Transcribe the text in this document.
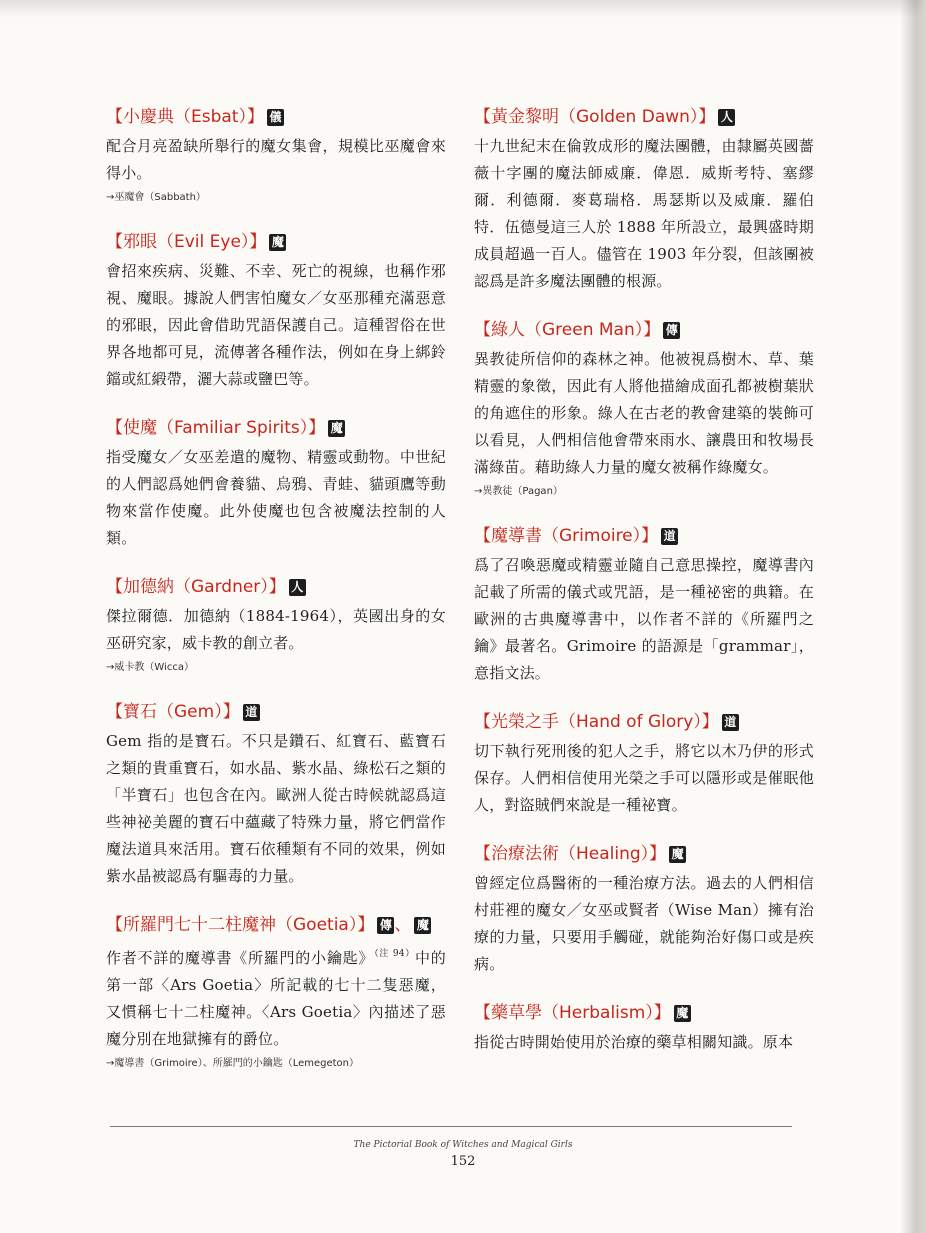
【小慶典（Esbat）】 儀
配合月亮盈缺所舉行的魔女集會，規模比巫魔會來得小。
→巫魔會（Sabbath）
【邪眼（Evil Eye）】 魔
會招來疾病、災難、不幸、死亡的視線，也稱作邪視、魔眼。據說人們害怕魔女／女巫那種充滿惡意的邪眼，因此會借助咒語保護自己。這種習俗在世界各地都可見，流傳著各種作法，例如在身上綁鈴鐺或紅緞帶，灑大蒜或鹽巴等。
【使魔（Familiar Spirits）】 魔
指受魔女／女巫差遣的魔物、精靈或動物。中世紀的人們認爲她們會養貓、烏鴉、青蛙、貓頭鷹等動物來當作使魔。此外使魔也包含被魔法控制的人類。
【加德納（Gardner）】 人
傑拉爾德．加德納（1884-1964），英國出身的女巫研究家，威卡教的創立者。
→威卡教（Wicca）
【寶石（Gem）】 道
Gem 指的是寶石。不只是鑽石、紅寶石、藍寶石之類的貴重寶石，如水晶、紫水晶、綠松石之類的「半寶石」也包含在內。歐洲人從古時候就認爲這些神祕美麗的寶石中蘊藏了特殊力量，將它們當作魔法道具來活用。寶石依種類有不同的效果，例如紫水晶被認爲有驅毒的力量。
【所羅門七十二柱魔神（Goetia）】 傳 、 魔
作者不詳的魔導書《所羅門的小鑰匙》$^{(注 94)}$中的第一部〈Ars Goetia〉所記載的七十二隻惡魔，又慣稱七十二柱魔神。〈Ars Goetia〉內描述了惡魔分別在地獄擁有的爵位。
→魔導書（Grimoire）、所羅門的小鑰匙（Lemegeton）
【黃金黎明（Golden Dawn）】 人
十九世紀末在倫敦成形的魔法團體，由隸屬英國薔薇十字團的魔法師威廉．偉恩．威斯考特、塞繆爾．利德爾．麥葛瑞格．馬瑟斯以及威廉．羅伯特．伍德曼這三人於 1888 年所設立，最興盛時期成員超過一百人。儘管在 1903 年分裂，但該團被認爲是許多魔法團體的根源。
【綠人（Green Man）】 傳
異教徒所信仰的森林之神。他被視爲樹木、草、葉精靈的象徵，因此有人將他描繪成面孔都被樹葉狀的角遮住的形象。綠人在古老的教會建築的裝飾可以看見，人們相信他會帶來雨水、讓農田和牧場長滿綠苗。藉助綠人力量的魔女被稱作綠魔女。
→異教徒（Pagan）
【魔導書（Grimoire）】 道
爲了召喚惡魔或精靈並隨自己意思操控，魔導書內記載了所需的儀式或咒語，是一種祕密的典籍。在歐洲的古典魔導書中，以作者不詳的《所羅門之鑰》最著名。Grimoire 的語源是「grammar」，意指文法。
【光榮之手（Hand of Glory）】 道
切下執行死刑後的犯人之手，將它以木乃伊的形式保存。人們相信使用光榮之手可以隱形或是催眠他人，對盜賊們來說是一種祕寶。
【治療法術（Healing）】 魔
曾經定位爲醫術的一種治療方法。過去的人們相信村莊裡的魔女／女巫或賢者（Wise Man）擁有治療的力量，只要用手觸碰，就能夠治好傷口或是疾病。
【藥草學（Herbalism）】 魔
指從古時開始使用於治療的藥草相關知識。原本
The Pictorial Book of Witches and Magical Girls
152
